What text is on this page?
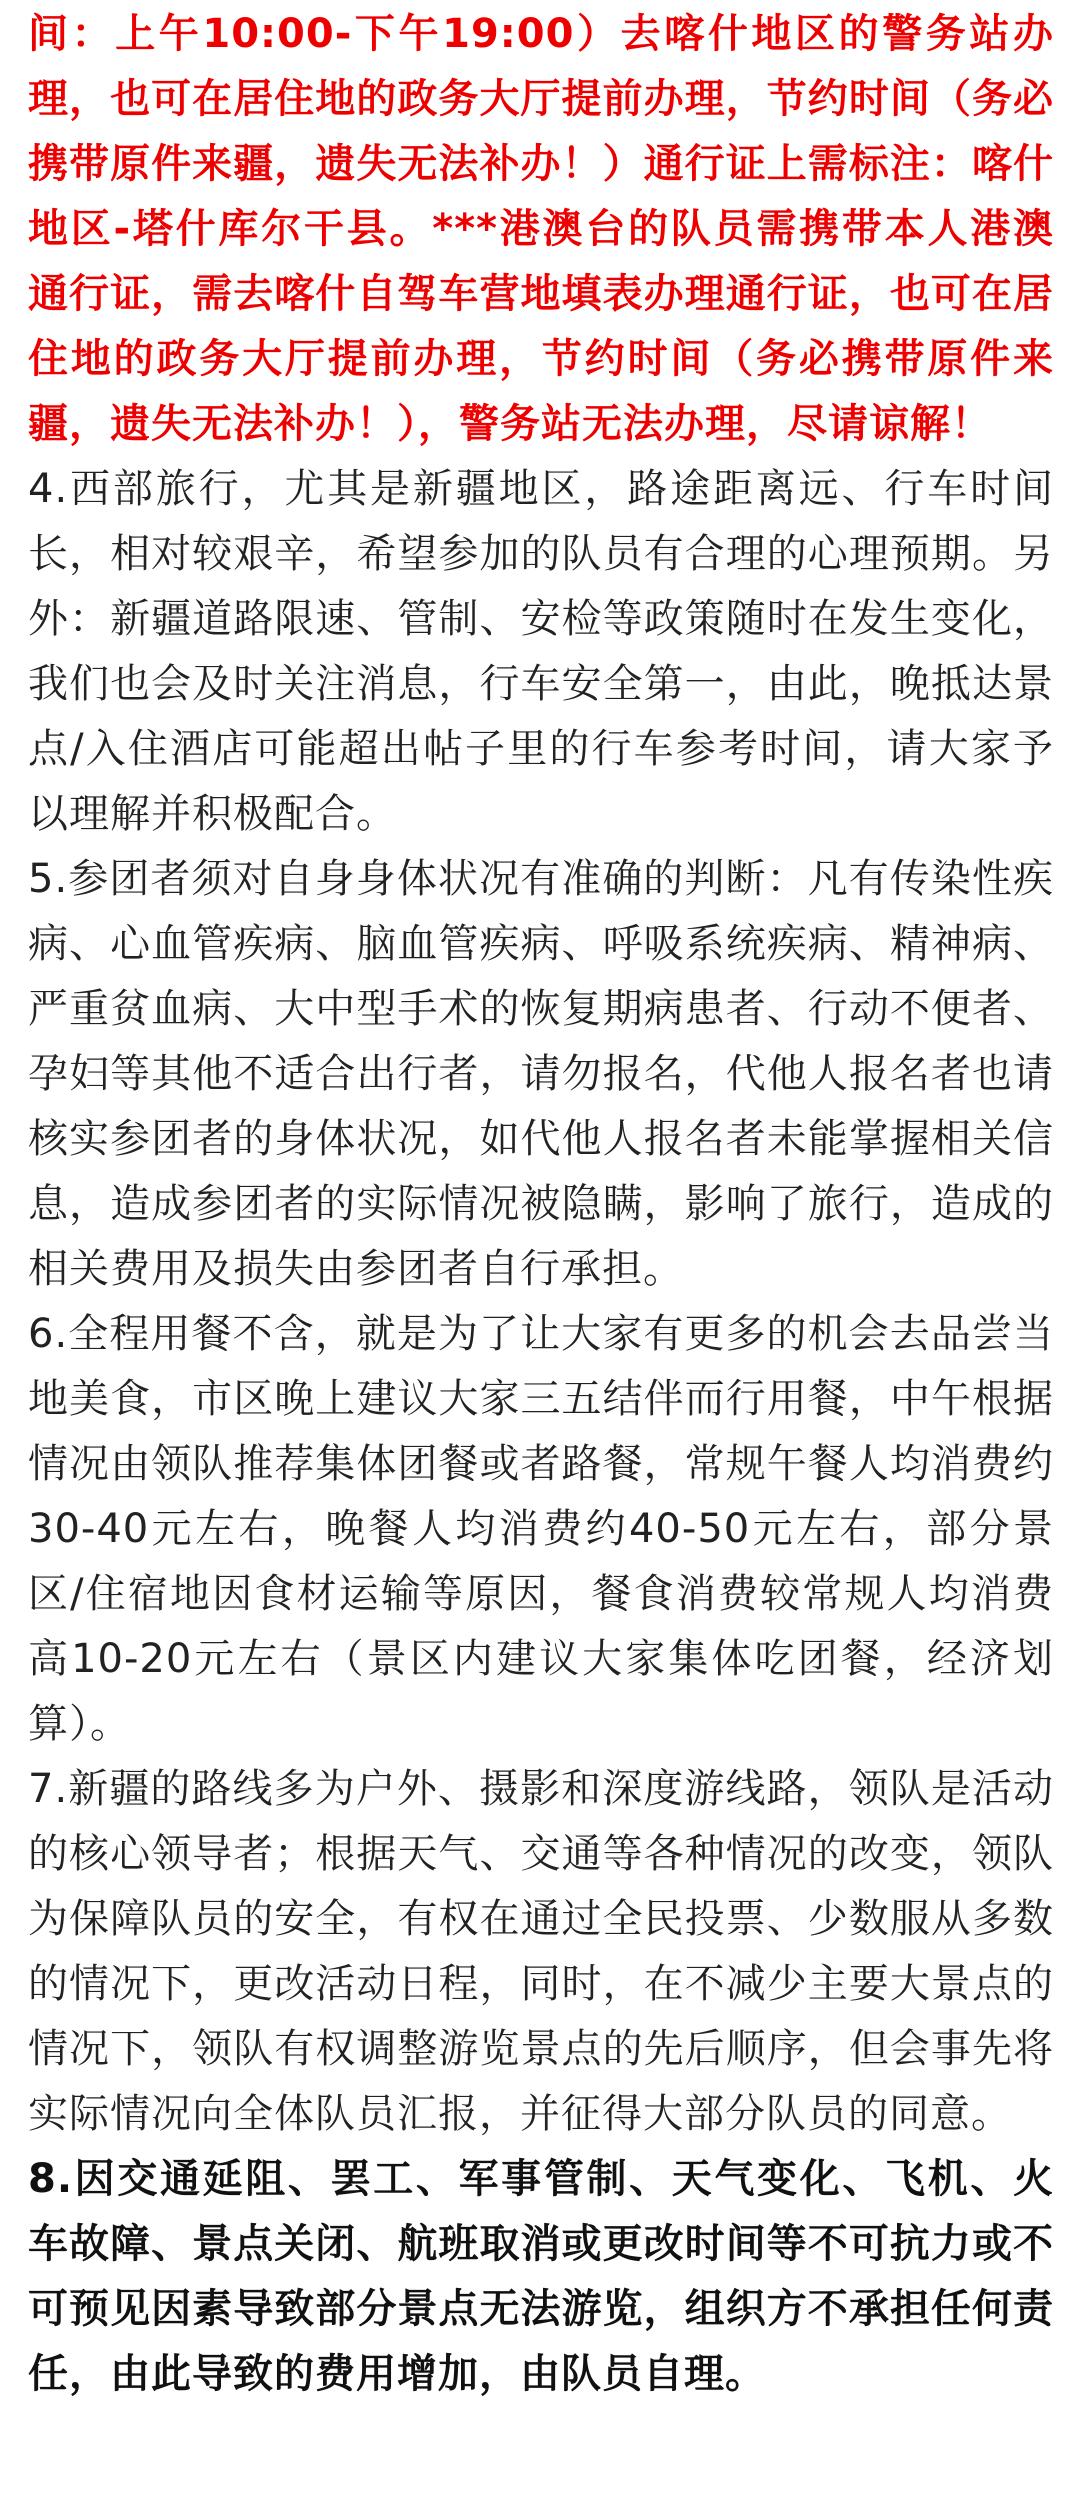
间：上午10:00-下午19:00）去喀什地区的警务站办理，也可在居住地的政务大厅提前办理，节约时间（务必携带原件来疆，遗失无法补办！）通行证上需标注：喀什地区-塔什库尔干县。***港澳台的队员需携带本人港澳通行证，需去喀什自驾车营地填表办理通行证，也可在居住地的政务大厅提前办理，节约时间（务必携带原件来疆，遗失无法补办！），警务站无法办理，尽请谅解！

4.西部旅行，尤其是新疆地区，路途距离远、行车时间长，相对较艰辛，希望参加的队员有合理的心理预期。另外：新疆道路限速、管制、安检等政策随时在发生变化，我们也会及时关注消息，行车安全第一，由此，晚抵达景点/入住酒店可能超出帖子里的行车参考时间，请大家予以理解并积极配合。

5.参团者须对自身身体状况有准确的判断：凡有传染性疾病、心血管疾病、脑血管疾病、呼吸系统疾病、精神病、严重贫血病、大中型手术的恢复期病患者、行动不便者、孕妇等其他不适合出行者，请勿报名，代他人报名者也请核实参团者的身体状况，如代他人报名者未能掌握相关信息，造成参团者的实际情况被隐瞒，影响了旅行，造成的相关费用及损失由参团者自行承担。

6.全程用餐不含，就是为了让大家有更多的机会去品尝当地美食，市区晚上建议大家三五结伴而行用餐，中午根据情况由领队推荐集体团餐或者路餐，常规午餐人均消费约30-40元左右，晚餐人均消费约40-50元左右，部分景区/住宿地因食材运输等原因，餐食消费较常规人均消费高10-20元左右（景区内建议大家集体吃团餐，经济划算）。

7.新疆的路线多为户外、摄影和深度游线路，领队是活动的核心领导者；根据天气、交通等各种情况的改变，领队为保障队员的安全，有权在通过全民投票、少数服从多数的情况下，更改活动日程，同时，在不减少主要大景点的情况下，领队有权调整游览景点的先后顺序，但会事先将实际情况向全体队员汇报，并征得大部分队员的同意。

8.因交通延阻、罢工、军事管制、天气变化、飞机、火车故障、景点关闭、航班取消或更改时间等不可抗力或不可预见因素导致部分景点无法游览，组织方不承担任何责任，由此导致的费用增加，由队员自理。
